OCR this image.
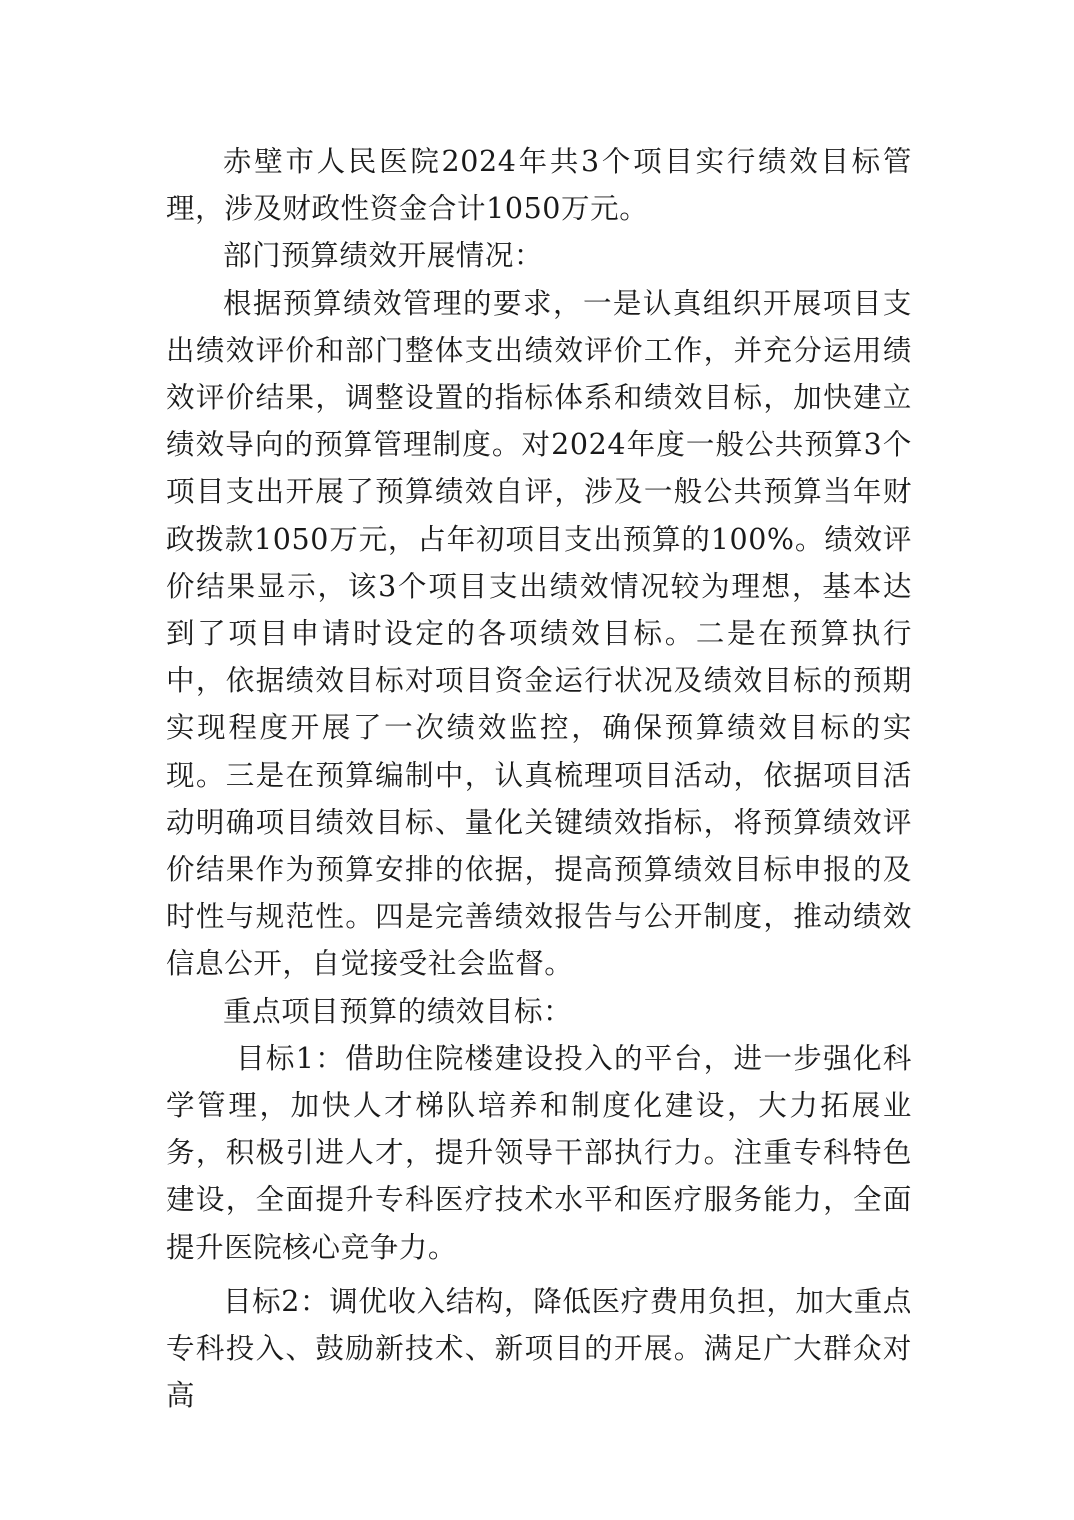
赤壁市人民医院2024年共3个项目实行绩效目标管理，涉及财政性资金合计1050万元。

部门预算绩效开展情况：

根据预算绩效管理的要求，一是认真组织开展项目支出绩效评价和部门整体支出绩效评价工作，并充分运用绩效评价结果，调整设置的指标体系和绩效目标，加快建立绩效导向的预算管理制度。对2024年度一般公共预算3个项目支出开展了预算绩效自评，涉及一般公共预算当年财政拨款1050万元，占年初项目支出预算的100%。绩效评价结果显示，该3个项目支出绩效情况较为理想，基本达到了项目申请时设定的各项绩效目标。二是在预算执行中，依据绩效目标对项目资金运行状况及绩效目标的预期实现程度开展了一次绩效监控，确保预算绩效目标的实现。三是在预算编制中，认真梳理项目活动，依据项目活动明确项目绩效目标、量化关键绩效指标，将预算绩效评价结果作为预算安排的依据，提高预算绩效目标申报的及时性与规范性。四是完善绩效报告与公开制度，推动绩效信息公开，自觉接受社会监督。

重点项目预算的绩效目标：

目标1：借助住院楼建设投入的平台，进一步强化科学管理，加快人才梯队培养和制度化建设，大力拓展业务，积极引进人才，提升领导干部执行力。注重专科特色建设，全面提升专科医疗技术水平和医疗服务能力，全面提升医院核心竞争力。

目标2：调优收入结构，降低医疗费用负担，加大重点专科投入、鼓励新技术、新项目的开展。满足广大群众对高
